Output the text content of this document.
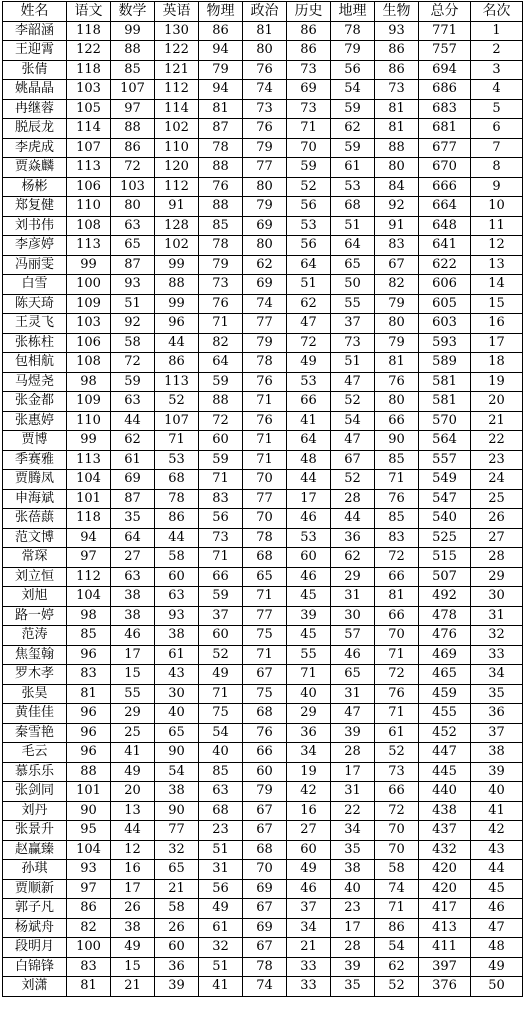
姓名	语文	数学	英语	物理	政治	历史	地理	生物	总分	名次
李韶涵	118	99	130	86	81	86	78	93	771	1
王迎霄	122	88	122	94	80	86	79	86	757	2
张倩	118	85	121	79	76	73	56	86	694	3
姚晶晶	103	107	112	94	74	69	54	73	686	4
冉继蓉	105	97	114	81	73	73	59	81	683	5
脱辰龙	114	88	102	87	76	71	62	81	681	6
李虎成	107	86	110	78	79	70	59	88	677	7
贾焱麟	113	72	120	88	77	59	61	80	670	8
杨彬	106	103	112	76	80	52	53	84	666	9
郑复健	110	80	91	88	79	56	68	92	664	10
刘书伟	108	63	128	85	69	53	51	91	648	11
李彦婷	113	65	102	78	80	56	64	83	641	12
冯丽雯	99	87	99	79	62	64	65	67	622	13
白雪	100	93	88	73	69	51	50	82	606	14
陈天琦	109	51	99	76	74	62	55	79	605	15
王灵飞	103	92	96	71	77	47	37	80	603	16
张栋柱	106	58	44	82	79	72	73	79	593	17
包相航	108	72	86	64	78	49	51	81	589	18
马煜尧	98	59	113	59	76	53	47	76	581	19
张金都	109	63	52	88	71	66	52	80	581	20
张惠婷	110	44	107	72	76	41	54	66	570	21
贾博	99	62	71	60	71	64	47	90	564	22
季赛雅	113	61	53	59	71	48	67	85	557	23
贾腾凤	104	69	68	71	70	44	52	71	549	24
申海斌	101	87	78	83	77	17	28	76	547	25
张蓓蕻	118	35	86	56	70	46	44	85	540	26
范文博	94	64	44	73	78	53	36	83	525	27
常琛	97	27	58	71	68	60	62	72	515	28
刘立恒	112	63	60	66	65	46	29	66	507	29
刘旭	104	38	63	59	71	45	31	81	492	30
路一婷	98	38	93	37	77	39	30	66	478	31
范涛	85	46	38	60	75	45	57	70	476	32
焦玺翰	96	17	61	52	71	55	46	71	469	33
罗木孝	83	15	43	49	67	71	65	72	465	34
张昊	81	55	30	71	75	40	31	76	459	35
黄佳佳	96	29	40	75	68	29	47	71	455	36
秦雪艳	96	25	65	54	76	36	39	61	452	37
毛云	96	41	90	40	66	34	28	52	447	38
慕乐乐	88	49	54	85	60	19	17	73	445	39
张剑同	101	20	38	63	79	42	31	66	440	40
刘丹	90	13	90	68	67	16	22	72	438	41
张景升	95	44	77	23	67	27	34	70	437	42
赵赢臻	104	12	32	51	68	60	35	70	432	43
孙琪	93	16	65	31	70	49	38	58	420	44
贾顺新	97	17	21	56	69	46	40	74	420	45
郭子凡	86	26	58	49	67	37	23	71	417	46
杨斌舟	82	38	26	61	69	34	17	86	413	47
段明月	100	49	60	32	67	21	28	54	411	48
白锦锋	83	15	36	51	78	33	39	62	397	49
刘潇	81	21	39	41	74	33	35	52	376	50
